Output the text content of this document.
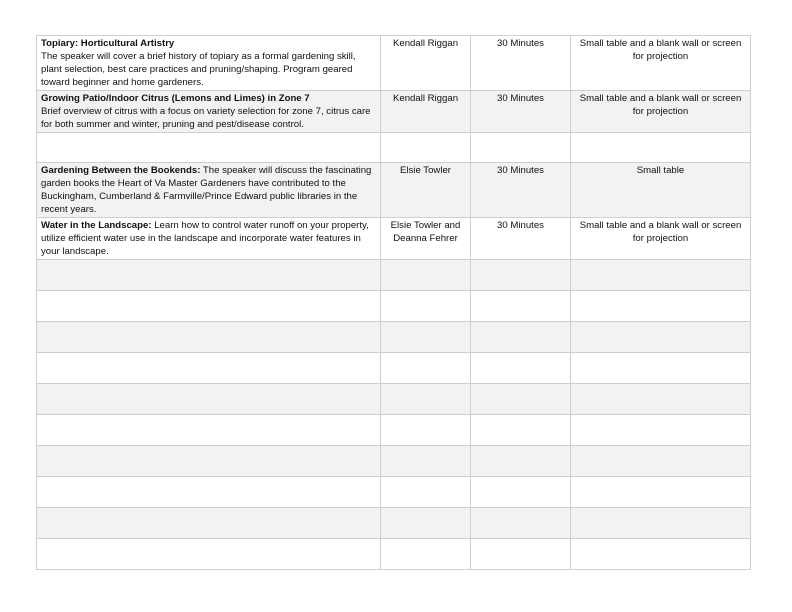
Topiary: Horticultural Artistry
The speaker will cover a brief history of topiary as a formal gardening skill, plant selection, best care practices and pruning/shaping. Program geared toward beginner and home gardeners.	Kendall Riggan	30 Minutes	Small table and a blank wall or screen for projection

Growing Patio/Indoor Citrus (Lemons and Limes) in Zone 7
Brief overview of citrus with a focus on variety selection for zone 7, citrus care for both summer and winter, pruning and pest/disease control.	Kendall Riggan	30 Minutes	Small table and a blank wall or screen for projection

Gardening Between the Bookends: The speaker will discuss the fascinating garden books the Heart of Va Master Gardeners have contributed to the Buckingham, Cumberland & Farmville/Prince Edward public libraries in the recent years.	Elsie Towler	30 Minutes	Small table
Water in the Landscape: Learn how to control water runoff on your property, utilize efficient water use in the landscape and incorporate water features in your landscape.	Elsie Towler and Deanna Fehrer	30 Minutes	Small table and a blank wall or screen for projection
